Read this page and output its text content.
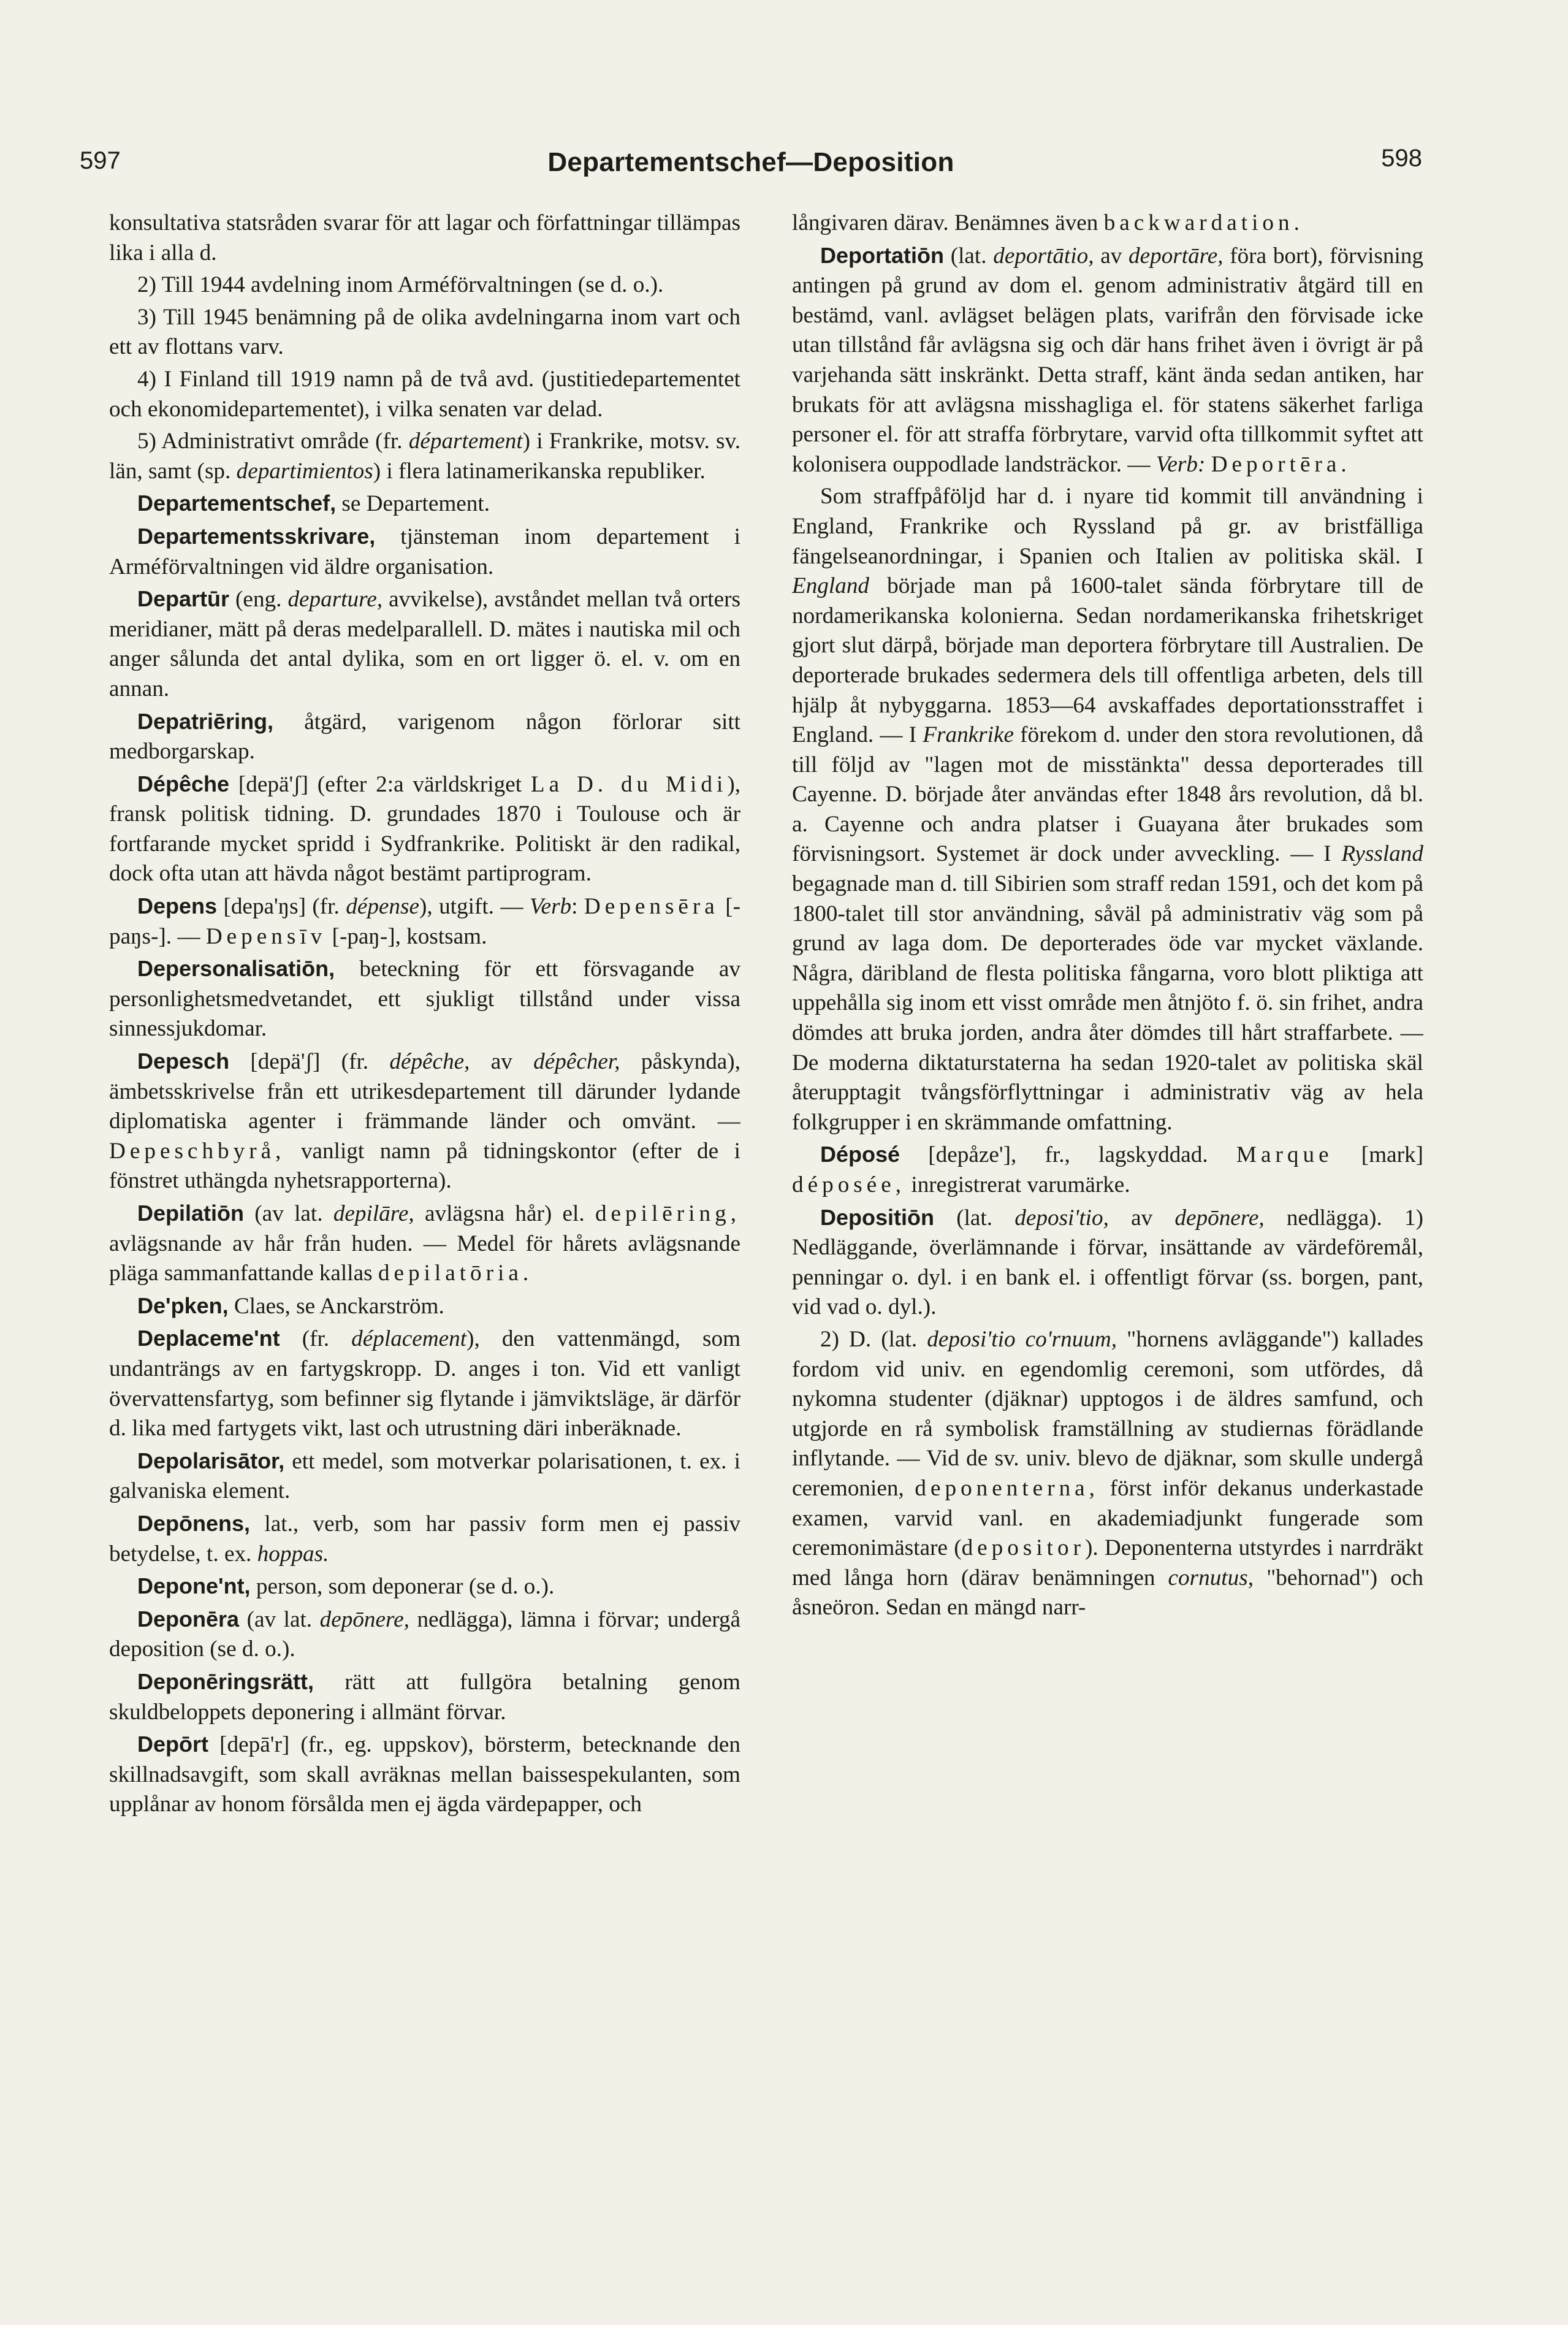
597	Departementschef—Deposition	598

konsultativa statsråden svarar för att lagar och författningar tillämpas lika i alla d.

2) Till 1944 avdelning inom Arméförvaltningen (se d. o.).

3) Till 1945 benämning på de olika avdelningarna inom vart och ett av flottans varv.

4) I Finland till 1919 namn på de två avd. (justitiedepartementet och ekonomidepartementet), i vilka senaten var delad.

5) Administrativt område (fr. département) i Frankrike, motsv. sv. län, samt (sp. departimientos) i flera latinamerikanska republiker.

Departementschef, se Departement.

Departementsskrivare, tjänsteman inom departement i Arméförvaltningen vid äldre organisation.

Departūr (eng. departure, avvikelse), avståndet mellan två orters meridianer, mätt på deras medelparallell. D. mätes i nautiska mil och anger sålunda det antal dylika, som en ort ligger ö. el. v. om en annan.

Depatriēring, åtgärd, varigenom någon förlorar sitt medborgarskap.

Dépêche [depä'ʃ] (efter 2:a världskriget La D. du Midi), fransk politisk tidning. D. grundades 1870 i Toulouse och är fortfarande mycket spridd i Sydfrankrike. Politiskt är den radikal, dock ofta utan att hävda något bestämt partiprogram.

Depens [depa'ŋs] (fr. dépense), utgift. — Verb: Depensēra [-paŋs-]. — Depensīv [-paŋ-], kostsam.

Depersonalisatiōn, beteckning för ett försvagande av personlighetsmedvetandet, ett sjukligt tillstånd under vissa sinnessjukdomar.

Depesch [depä'ʃ] (fr. dépêche, av dépêcher, påskynda), ämbetsskrivelse från ett utrikesdepartement till därunder lydande diplomatiska agenter i främmande länder och omvänt. — Depeschbyrå, vanligt namn på tidningskontor (efter de i fönstret uthängda nyhetsrapporterna).

Depilatiōn (av lat. depilāre, avlägsna hår) el. depilēring, avlägsnande av hår från huden. — Medel för hårets avlägsnande pläga sammanfattande kallas depilatōria.

De'pken, Claes, se Anckarström.

Deplaceme'nt (fr. déplacement), den vattenmängd, som undanträngs av en fartygskropp. D. anges i ton. Vid ett vanligt övervattensfartyg, som befinner sig flytande i jämviktsläge, är därför d. lika med fartygets vikt, last och utrustning däri inberäknade.

Depolarisātor, ett medel, som motverkar polarisationen, t. ex. i galvaniska element.

Depōnens, lat., verb, som har passiv form men ej passiv betydelse, t. ex. hoppas.

Depone'nt, person, som deponerar (se d. o.).

Deponēra (av lat. depōnere, nedlägga), lämna i förvar; undergå deposition (se d. o.).

Deponēringsrätt, rätt att fullgöra betalning genom skuldbeloppets deponering i allmänt förvar.

Depōrt [depā'r] (fr., eg. uppskov), börsterm, betecknande den skillnadsavgift, som skall avräknas mellan baissespekulanten, som upplånar av honom försålda men ej ägda värdepapper, och

långivaren därav. Benämnes även backwardation.

Deportatiōn (lat. deportātio, av deportāre, föra bort), förvisning antingen på grund av dom el. genom administrativ åtgärd till en bestämd, vanl. avlägset belägen plats, varifrån den förvisade icke utan tillstånd får avlägsna sig och där hans frihet även i övrigt är på varjehanda sätt inskränkt. Detta straff, känt ända sedan antiken, har brukats för att avlägsna misshagliga el. för statens säkerhet farliga personer el. för att straffa förbrytare, varvid ofta tillkommit syftet att kolonisera ouppodlade landsträckor. — Verb: Deportēra.

Som straffpåföljd har d. i nyare tid kommit till användning i England, Frankrike och Ryssland på gr. av bristfälliga fängelseanordningar, i Spanien och Italien av politiska skäl. I England började man på 1600-talet sända förbrytare till de nordamerikanska kolonierna. Sedan nordamerikanska frihetskriget gjort slut därpå, började man deportera förbrytare till Australien. De deporterade brukades sedermera dels till offentliga arbeten, dels till hjälp åt nybyggarna. 1853—64 avskaffades deportationsstraffet i England. — I Frankrike förekom d. under den stora revolutionen, då till följd av "lagen mot de misstänkta" dessa deporterades till Cayenne. D. började åter användas efter 1848 års revolution, då bl. a. Cayenne och andra platser i Guayana åter brukades som förvisningsort. Systemet är dock under avveckling. — I Ryssland begagnade man d. till Sibirien som straff redan 1591, och det kom på 1800-talet till stor användning, såväl på administrativ väg som på grund av laga dom. De deporterades öde var mycket växlande. Några, däribland de flesta politiska fångarna, voro blott pliktiga att uppehålla sig inom ett visst område men åtnjöto f. ö. sin frihet, andra dömdes att bruka jorden, andra åter dömdes till hårt straffarbete. — De moderna diktaturstaterna ha sedan 1920-talet av politiska skäl återupptagit tvångsförflyttningar i administrativ väg av hela folkgrupper i en skrämmande omfattning.

Déposé [depåze'], fr., lagskyddad. Marque [mark] déposée, inregistrerat varumärke.

Depositiōn (lat. deposi'tio, av depōnere, nedlägga). 1) Nedläggande, överlämnande i förvar, insättande av värdeföremål, penningar o. dyl. i en bank el. i offentligt förvar (ss. borgen, pant, vid vad o. dyl.).

2) D. (lat. deposi'tio co'rnuum, "hornens avläggande") kallades fordom vid univ. en egendomlig ceremoni, som utfördes, då nykomna studenter (djäknar) upptogos i de äldres samfund, och utgjorde en rå symbolisk framställning av studiernas förädlande inflytande. — Vid de sv. univ. blevo de djäknar, som skulle undergå ceremonien, deponenterna, först inför dekanus underkastade examen, varvid vanl. en akademiadjunkt fungerade som ceremonimästare (depositor). Deponenterna utstyrdes i narrdräkt med långa horn (därav benämningen cornutus, "behornad") och åsneöron. Sedan en mängd narr-
